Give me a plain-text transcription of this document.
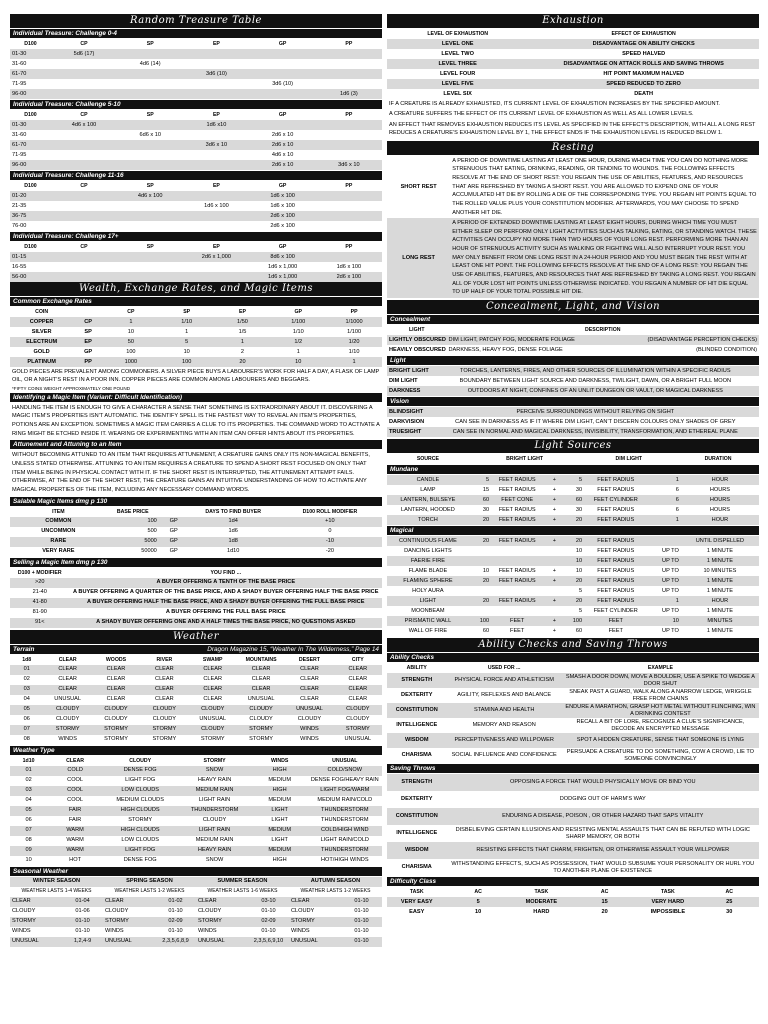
Random Treasure Table
Individual Treasure: Challenge 0-4
D100	CP	SP	EP	GP	PP
01-30	5d6 (17)				
31-60		4d6 (14)			
61-70			3d6 (10)		
71-95				3d6 (10)	
96-00					1d6 (3)
Individual Treasure: Challenge 5-10
D100	CP	SP	EP	GP	PP
01-30	4d6 x 100		1d6 x10		
31-60		6d6 x 10		2d6 x 10	
61-70			3d6 x 10	2d6 x 10	
71-95				4d6 x 10	
96-00				2d6 x 10	3d6 x 10
Individual Treasure: Challenge 11-16
D100	CP	SP	EP	GP	PP
01-20		4d6 x 100		1d6 x 100	
21-35			1d6 x 100	1d6 x 100	
36-75				2d6 x 100	
76-00				2d6 x 100	
Individual Treasure: Challenge 17+
D100	CP	SP	EP	GP	PP
01-15			2d6 x 1,000	8d6 x 100	
16-55				1d6 x 1,000	1d6 x 100
56-00				1d6 x 1,000	2d6 x 100
Wealth, Exchange Rates, and Magic Items
Common Exchange Rates
COIN		CP	SP	EP	GP	PP
COPPER	CP	1	1/10	1/50	1/100	1/1000
SILVER	SP	10	1	1/5	1/10	1/100
ELECTRUM	EP	50	5	1	1/2	1/20
GOLD	GP	100	10	2	1	1/10
PLATINUM	PP	1000	100	20	10	1
GOLD PIECES ARE PREVALENT AMONG COMMONERS. A SILVER PIECE BUYS A LABOURER’S WORK FOR HALF A DAY, A FLASK OF LAMP OIL, OR A NIGHT’S REST IN A POOR INN. COPPER PIECES ARE COMMON AMONG LABOURERS AND BEGGARS.
*FIFTY COINS WEIGHT APPROXIMATELY ONE POUND
Identifying a Magic Item (Variant: Difficult Identification)
HANDLING THE ITEM IS ENOUGH TO GIVE A CHARACTER A SENSE THAT SOMETHING IS EXTRAORDINARY ABOUT IT. DISCOVERING A MAGIC ITEM’S PROPERTIES ISN’T AUTOMATIC. THE IDENTIFY SPELL IS THE FASTEST WAY TO REVEAL AN ITEM’S PROPERTIES, POTIONS ARE AN EXCEPTION. SOMETIMES A MAGIC ITEM CARRIES A CLUE TO ITS PROPERTIES. THE COMMAND WORD TO ACTIVATE A RING MIGHT BE ETCHED INSIDE IT. WEARING OR EXPERIMENTING WITH AN ITEM CAN OFFER HINTS ABOUT ITS PROPERTIES.
Attunement and Attuning to an Item
WITHOUT BECOMING ATTUNED TO AN ITEM THAT REQUIRES ATTUNEMENT, A CREATURE GAINS ONLY ITS NON-MAGICAL BENEFITS, UNLESS STATED OTHERWISE. ATTUNING TO AN ITEM REQUIRES A CREATURE TO SPEND A SHORT REST FOCUSED ON ONLY THAT ITEM WHILE BEING IN PHYSICAL CONTACT WITH IT. IF THE SHORT REST IS INTERRUPTED, THE ATTUNEMENT ATTEMPT FAILS. OTHERWISE, AT THE END OF THE SHORT REST, THE CREATURE GAINS AN INTUITIVE UNDERSTANDING OF HOW TO ACTIVATE ANY MAGICAL PROPERTIES OF THE ITEM, INCLUDING ANY NECESSARY COMMAND WORDS.
Salable Magic Items dmg p 130
ITEM	BASE PRICE		DAYS TO FIND BUYER	D100 ROLL MODIFIER
COMMON	100	GP	1d4	+10
UNCOMMON	500	GP	1d6	0
RARE	5000	GP	1d8	-10
VERY RARE	50000	GP	1d10	-20
Selling a Magic Item dmg p 130
D100 + MODIFIER	YOU FIND ...
>20	A BUYER OFFERING A TENTH OF THE BASE PRICE
21-40	A BUYER OFFERING A QUARTER OF THE BASE PRICE, AND A SHADY BUYER OFFERING HALF THE BASE PRICE
41-80	A BUYER OFFERING HALF THE BASE PRICE, AND A SHADY BUYER OFFERING THE FULL BASE PRICE
81-90	A BUYER OFFERING THE FULL BASE PRICE
91<	A SHADY BUYER OFFERING ONE AND A HALF TIMES THE BASE PRICE, NO QUESTIONS ASKED
Weather
Terrain	Dragon Magazine 15, “Weather In The Wilderness,” Page 14
1d8	CLEAR	WOODS	RIVER	SWAMP	MOUNTAINS	DESERT	CITY
01	CLEAR	CLEAR	CLEAR	CLEAR	CLEAR	CLEAR	CLEAR
02	CLEAR	CLEAR	CLEAR	CLEAR	CLEAR	CLEAR	CLEAR
03	CLEAR	CLEAR	CLEAR	CLEAR	CLEAR	CLEAR	CLEAR
04	UNUSUAL	CLEAR	CLEAR	CLEAR	UNUSUAL	CLEAR	CLEAR
05	CLOUDY	CLOUDY	CLOUDY	CLOUDY	CLOUDY	UNUSUAL	CLOUDY
06	CLOUDY	CLOUDY	CLOUDY	UNUSUAL	CLOUDY	CLOUDY	CLOUDY
07	STORMY	STORMY	STORMY	CLOUDY	STORMY	WINDS	STORMY
08	WINDS	STORMY	STORMY	STORMY	STORMY	WINDS	UNUSUAL
Weather Type
1d10	CLEAR	CLOUDY	STORMY	WINDS	UNUSUAL
01	COLD	DENSE FOG	SNOW	HIGH	COLD/SNOW
02	COOL	LIGHT FOG	HEAVY RAIN	MEDIUM	DENSE FOG/HEAVY RAIN
03	COOL	LOW CLOUDS	MEDIUM RAIN	HIGH	LIGHT FOG/WARM
04	COOL	MEDIUM CLOUDS	LIGHT RAIN	MEDIUM	MEDIUM RAIN/COLD
05	FAIR	HIGH CLOUDS	THUNDERSTORM	LIGHT	THUNDERSTORM
06	FAIR	STORMY	CLOUDY	LIGHT	THUNDERSTORM
07	WARM	HIGH CLOUDS	LIGHT RAIN	MEDIUM	COLD/HIGH WIND
08	WARM	LOW CLOUDS	MEDIUM RAIN	LIGHT	LIGHT RAIN/COLD
09	WARM	LIGHT FOG	HEAVY RAIN	MEDIUM	THUNDERSTORM
10	HOT	DENSE FOG	SNOW	HIGH	HOT/HIGH WINDS
Seasonal Weather
WINTER SEASON		SPRING SEASON		SUMMER SEASON		AUTUMN SEASON	
WEATHER LASTS 1-4 WEEKS		WEATHER LASTS 1-2 WEEKS		WEATHER LASTS 1-6 WEEKS		WEATHER LASTS 1-2 WEEKS	
CLEAR	01-04	CLEAR	01-02	CLEAR	03-10	CLEAR	01-10
CLOUDY	01-06	CLOUDY	01-10	CLOUDY	01-10	CLOUDY	01-10
STORMY	01-10	STORMY	02-09	STORMY	02-09	STORMY	01-10
WINDS	01-10	WINDS	01-10	WINDS	01-10	WINDS	01-10
UNUSUAL	1,2,4-9	UNUSUAL	2,3,5,6,8,9	UNUSUAL	2,3,5,6,9,10	UNUSUAL	01-10
Exhaustion
LEVEL OF EXHAUSTION	EFFECT OF EXHAUSTION
LEVEL ONE	DISADVANTAGE ON ABILITY CHECKS
LEVEL TWO	SPEED HALVED
LEVEL THREE	DISADVANTAGE ON ATTACK ROLLS AND SAVING THROWS
LEVEL FOUR	HIT POINT MAXIMUM HALVED
LEVEL FIVE	SPEED REDUCED TO ZERO
LEVEL SIX	DEATH
IF A CREATURE IS ALREADY EXHAUSTED, ITS CURRENT LEVEL OF EXHAUSTION INCREASES BY THE SPECIFIED AMOUNT.
A CREATURE SUFFERS THE EFFECT OF ITS CURRENT LEVEL OF EXHAUSTION AS WELL AS ALL LOWER LEVELS.
AN EFFECT THAT REMOVES EXHAUSTION REDUCES ITS LEVEL AS SPECIFIED IN THE EFFECT’S DESCRIPTION, WITH ALL A LONG REST REDUCES A CREATURE’S EXHAUSTION LEVEL BY 1, THE EFFECT ENDS IF THE EXHAUSTION LEVEL IS REDUCED BELOW 1.
Resting
SHORT REST	A PERIOD OF DOWNTIME LASTING AT LEAST ONE HOUR, DURING WHICH TIME YOU CAN DO NOTHING MORE STRENUOUS THAT EATING, DRINKING, READING, OR TENDING TO WOUNDS. THE FOLLOWING EFFECTS RESOLVE AT THE END OF SHORT REST: YOU REGAIN THE USE OF ABILITIES, FEATURES, AND RESOURCES THAT ARE REFRESHED BY TAKING A SHORT REST. YOU ARE ALLOWED TO EXPEND ONE OF YOUR ACCUMULATED HIT DIE BY ROLLING A DIE OF THE CORRESPONDING TYPE. YOU REGAIN HIT POINTS EQUAL TO THE ROLLED VALUE PLUS YOUR CONSTITUTION MODIFIER. AFTERWARDS, YOU MAY CHOOSE TO SPEND ANOTHER HIT DIE.
LONG REST	A PERIOD OF EXTENDED DOWNTIME LASTING AT LEAST EIGHT HOURS, DURING WHICH TIME YOU MUST EITHER SLEEP OR PERFORM ONLY LIGHT ACTIVITIES SUCH AS TALKING, EATING, OR STANDING WATCH. THESE ACTIVITIES CAN OCCUPY NO MORE THAN TWO HOURS OF YOUR LONG REST. PERFORMING MORE THAN AN HOUR OF STRENUOUS ACTIVITY SUCH AS WALKING OR FIGHTING WILL ALSO INTERRUPT YOUR REST. YOU MAY ONLY BENEFIT FROM ONE LONG REST IN A 24-HOUR PERIOD AND YOU MUST BEGIN THE REST WITH AT LEAST ONE HIT POINT. THE FOLLOWING EFFECTS RESOLVE AT THE END OF A LONG REST: YOU REGAIN THE USE OF ABILITIES, FEATURES, AND RESOURCES THAT ARE REFRESHED BY TAKING A LONG REST. YOU REGAIN ALL OF YOUR LOST HIT POINTS UNLESS OTHERWISE INDICATED. YOU REGAIN A NUMBER OF HIT DIE EQUAL TO UP HALF OF YOUR TOTAL POSSIBLE HIT DIE.
Concealment, Light, and Vision
Concealment
LIGHT	DESCRIPTION
LIGHTLY OBSCURED	DIM LIGHT, PATCHY FOG, MODERATE FOLIAGE	(DISADVANTAGE PERCEPTION CHECKS)

HEAVILY OBSCURED	DARKNESS, HEAVY FOG, DENSE FOLIAGE	(BLINDED CONDITION)
Light
BRIGHT LIGHT	TORCHES, LANTERNS, FIRES, AND OTHER SOURCES OF ILLUMINATION WITHIN A SPECIFIC RADIUS
DIM LIGHT	BOUNDARY BETWEEN LIGHT SOURCE AND DARKNESS, TWILIGHT, DAWN, OR A BRIGHT FULL MOON
DARKNESS	OUTDOORS AT NIGHT, CONFINES OF AN UNLIT DUNGEON OR VAULT, OR MAGICAL DARKNESS
Vision
BLINDSIGHT	PERCEIVE SURROUNDINGS WITHOUT RELYING ON SIGHT
DARKVISION	CAN SEE IN DARKNESS AS IF IT WHERE DIM LIGHT, CAN’T DISCERN COLOURS ONLY SHADES OF GREY
TRUESIGHT	CAN SEE IN NORMAL AND MAGICAL DARKNESS, INVISIBILITY, TRANSFORMATION, AND ETHEREAL PLANE
Light Sources
SOURCE	BRIGHT LIGHT	DIM LIGHT	DURATION
Mundane
CANDLE	5	FEET RADIUS	+	5	FEET RADIUS	1	HOUR
LAMP	15	FEET RADIUS	+	30	FEET RADIUS	6	HOURS
LANTERN, BULSEYE	60	FEET CONE	+	60	FEET CYLINDER	6	HOURS
LANTERN, HOODED	30	FEET RADIUS	+	30	FEET RADIUS	6	HOURS
TORCH	20	FEET RADIUS	+	20	FEET RADIUS	1	HOUR
Magical
CONTINUOUS FLAME	20	FEET RADIUS	+	20	FEET RADIUS		UNTIL DISPELLED
DANCING LIGHTS				10	FEET RADIUS	UP TO	1 MINUTE
FAERIE FIRE				10	FEET RADIUS	UP TO	1 MINUTE
FLAME BLADE	10	FEET RADIUS	+	10	FEET RADIUS	UP TO	10 MINUTES
FLAMING SPHERE	20	FEET RADIUS	+	20	FEET RADIUS	UP TO	1 MINUTE
HOLY AURA				5	FEET RADIUS	UP TO	1 MINUTE
LIGHT	20	FEET RADIUS	+	20	FEET RADIUS	1	HOUR
MOONBEAM				5	FEET CYLINDER	UP TO	1 MINUTE
PRISMATIC WALL	100	FEET	+	100	FEET	10	MINUTES
WALL OF FIRE	60	FEET	+	60	FEET	UP TO	1 MINUTE
Ability Checks and Saving Throws
Ability Checks
ABILITY	USED FOR ...	EXAMPLE
STRENGTH	PHYSICAL FORCE AND ATHLETICISM	SMASH A DOOR DOWN, MOVE A BOULDER, USE A SPIKE TO WEDGE A DOOR SHUT
DEXTERITY	AGILITY, REFLEXES AND BALANCE	SNEAK PAST A GUARD, WALK ALONG A NARROW LEDGE, WRIGGLE FREE FROM CHAINS
CONSTITUTION	STAMINA AND HEALTH	ENDURE A MARATHON, GRASP HOT METAL WITHOUT FLINCHING, WIN A DRINKING CONTEST
INTELLIGENCE	MEMORY AND REASON	RECALL A BIT OF LORE, RECOGNIZE A CLUE’S SIGNIFICANCE, DECODE AN ENCRYPTED MESSAGE
WISDOM	PERCEPTIVENESS AND WILLPOWER	SPOT A HIDDEN CREATURE, SENSE THAT SOMEONE IS LYING
CHARISMA	SOCIAL INFLUENCE AND CONFIDENCE	PERSUADE A CREATURE TO DO SOMETHING, COW A CROWD, LIE TO SOMEONE CONVINCINGLY
Saving Throws
STRENGTH	OPPOSING A FORCE THAT WOULD PHYSICALLY MOVE OR BIND YOU
DEXTERITY	DODGING OUT OF HARM’S WAY
CONSTITUTION	ENDURING A DISEASE, POISON , OR OTHER HAZARD THAT SAPS VITALITY
INTELLIGENCE	DISBELIEVING CERTAIN ILLUSIONS AND RESISTING MENTAL ASSAULTS THAT CAN BE REFUTED WITH LOGIC SHARP MEMORY, OR BOTH
WISDOM	RESISTING EFFECTS THAT CHARM, FRIGHTEN, OR OTHERWISE ASSAULT YOUR WILLPOWER
CHARISMA	WITHSTANDING EFFECTS, SUCH AS POSSESSION, THAT WOULD SUBSUME YOUR PERSONALITY OR HURL YOU TO ANOTHER PLANE OF EXISTENCE
Difficulty Class
TASK	AC	TASK	AC	TASK	AC
VERY EASY	5	MODERATE	15	VERY HARD	25
EASY	10	HARD	20	IMPOSSIBLE	30
